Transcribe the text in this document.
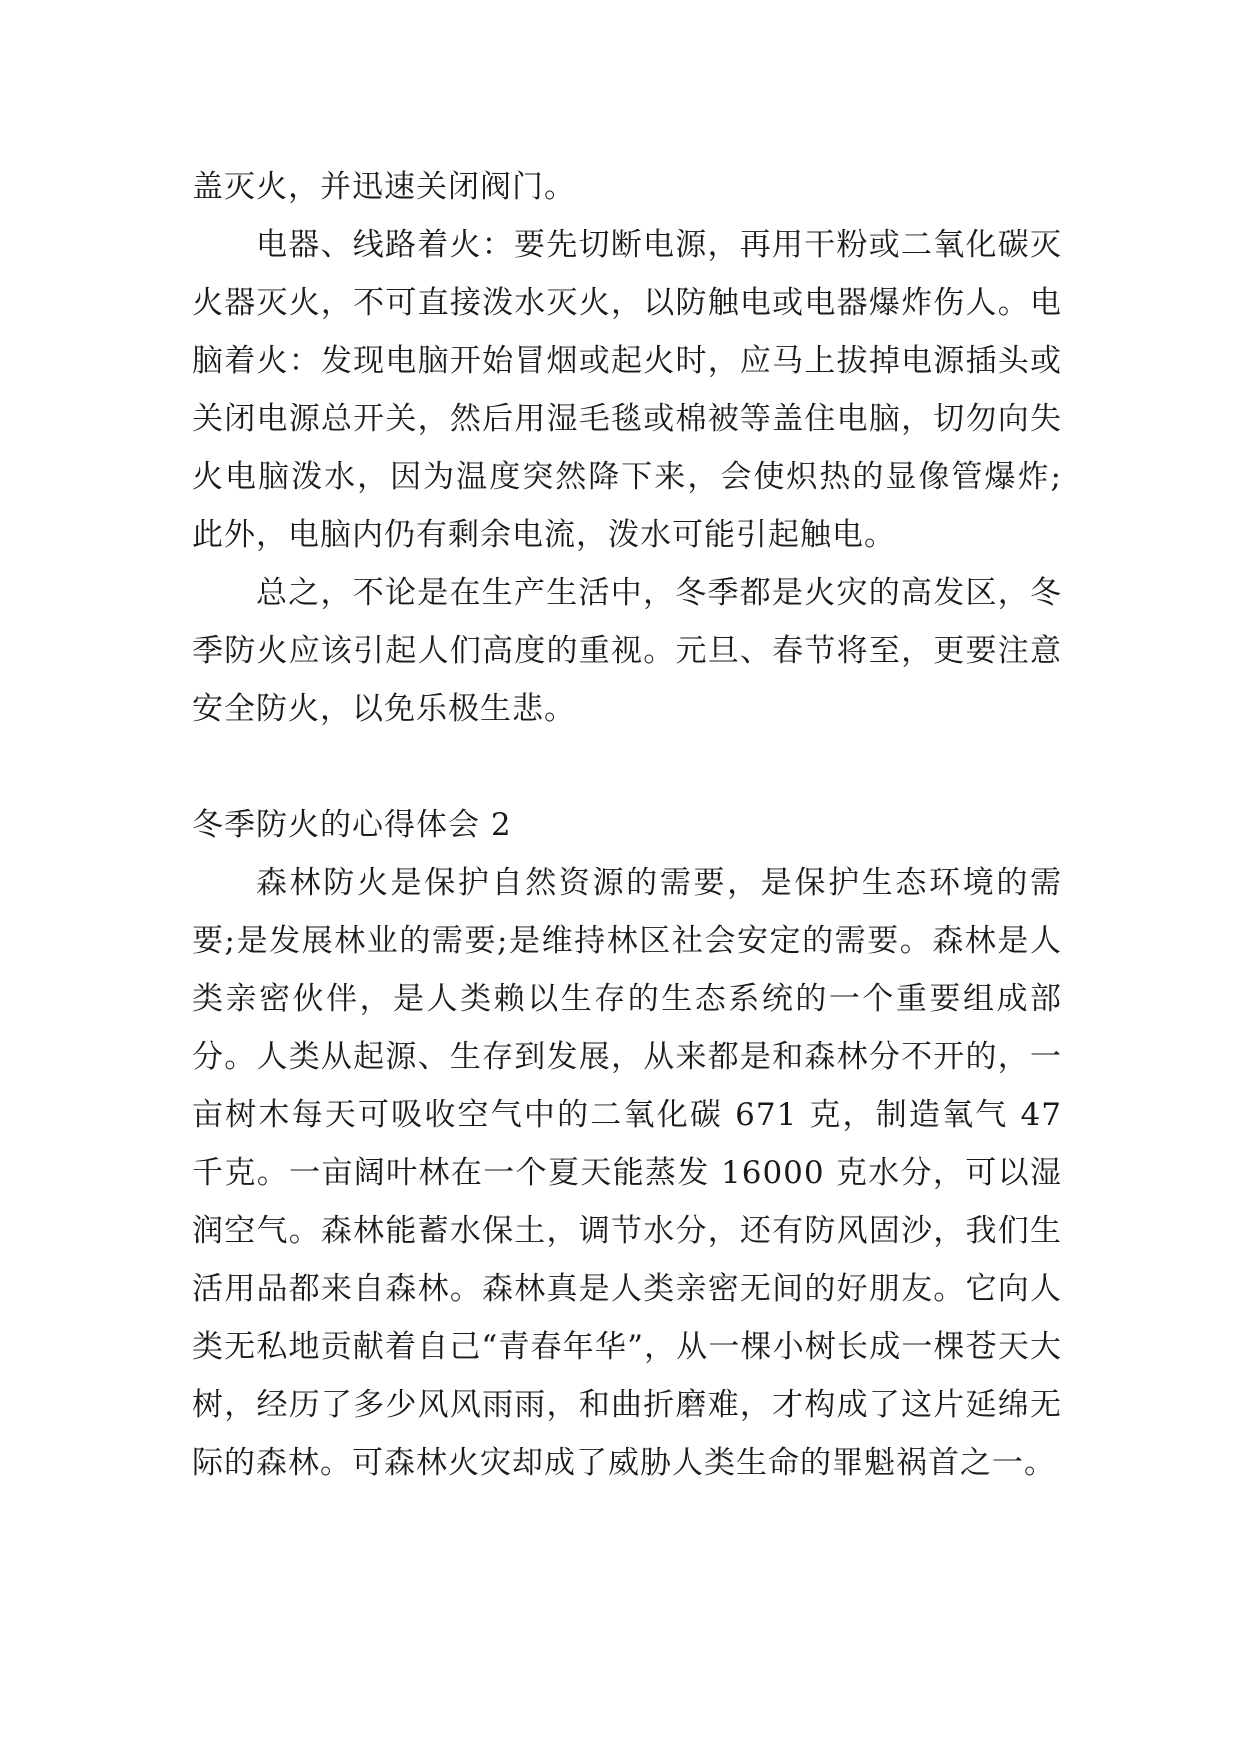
盖灭火，并迅速关闭阀门。

电器、线路着火：要先切断电源，再用干粉或二氧化碳灭火器灭火，不可直接泼水灭火，以防触电或电器爆炸伤人。电脑着火：发现电脑开始冒烟或起火时，应马上拔掉电源插头或关闭电源总开关，然后用湿毛毯或棉被等盖住电脑，切勿向失火电脑泼水，因为温度突然降下来，会使炽热的显像管爆炸;此外，电脑内仍有剩余电流，泼水可能引起触电。

总之，不论是在生产生活中，冬季都是火灾的高发区，冬季防火应该引起人们高度的重视。元旦、春节将至，更要注意安全防火，以免乐极生悲。

冬季防火的心得体会 2

森林防火是保护自然资源的需要，是保护生态环境的需要;是发展林业的需要;是维持林区社会安定的需要。森林是人类亲密伙伴，是人类赖以生存的生态系统的一个重要组成部分。人类从起源、生存到发展，从来都是和森林分不开的，一亩树木每天可吸收空气中的二氧化碳 671 克，制造氧气 47 千克。一亩阔叶林在一个夏天能蒸发 16000 克水分，可以湿润空气。森林能蓄水保土，调节水分，还有防风固沙，我们生活用品都来自森林。森林真是人类亲密无间的好朋友。它向人类无私地贡献着自己“青春年华”，从一棵小树长成一棵苍天大树，经历了多少风风雨雨，和曲折磨难，才构成了这片延绵无际的森林。可森林火灾却成了威胁人类生命的罪魁祸首之一。
